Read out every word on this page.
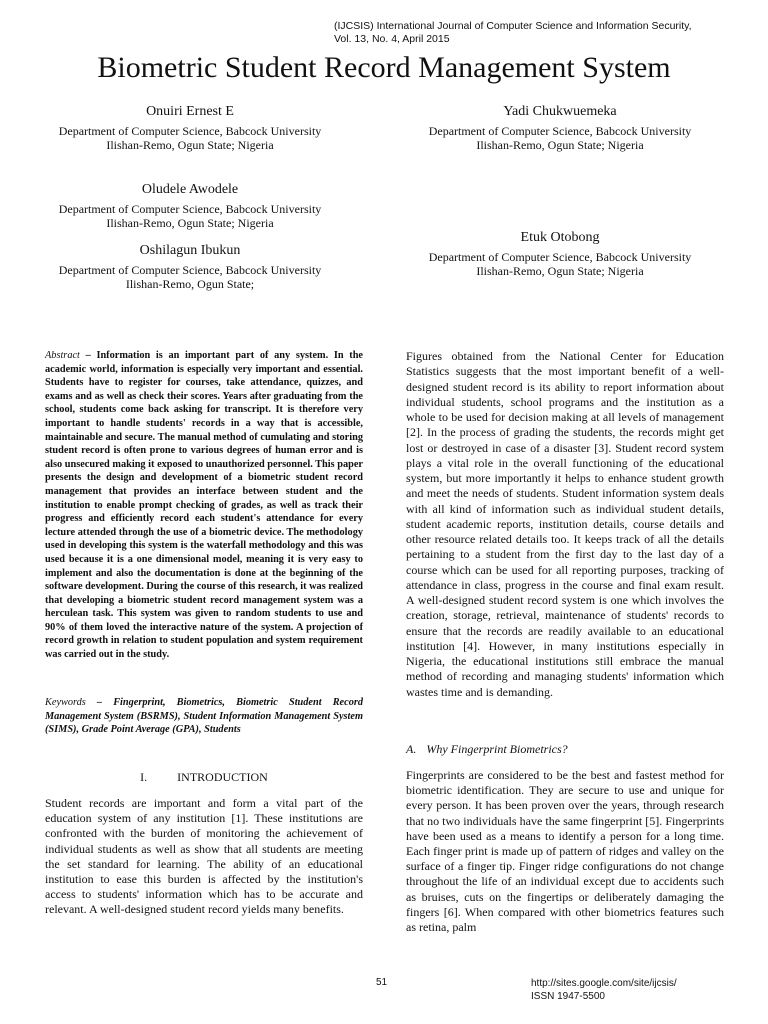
(IJCSIS) International Journal of Computer Science and Information Security,
Vol. 13, No. 4, April 2015
Biometric Student Record Management System
Onuiri Ernest E
Department of Computer Science, Babcock University
Ilishan-Remo, Ogun State; Nigeria
Yadi Chukwuemeka
Department of Computer Science, Babcock University
Ilishan-Remo, Ogun State; Nigeria
Oludele Awodele
Department of Computer Science, Babcock University
Ilishan-Remo, Ogun State; Nigeria
Oshilagun Ibukun
Department of Computer Science, Babcock University
Ilishan-Remo, Ogun State;
Etuk Otobong
Department of Computer Science, Babcock University
Ilishan-Remo, Ogun State; Nigeria
Abstract – Information is an important part of any system. In the academic world, information is especially very important and essential. Students have to register for courses, take attendance, quizzes, and exams and as well as check their scores. Years after graduating from the school, students come back asking for transcript. It is therefore very important to handle students' records in a way that is accessible, maintainable and secure. The manual method of cumulating and storing student record is often prone to various degrees of human error and is also unsecured making it exposed to unauthorized personnel. This paper presents the design and development of a biometric student record management that provides an interface between student and the institution to enable prompt checking of grades, as well as track their progress and efficiently record each student's attendance for every lecture attended through the use of a biometric device. The methodology used in developing this system is the waterfall methodology and this was used because it is a one dimensional model, meaning it is very easy to implement and also the documentation is done at the beginning of the software development. During the course of this research, it was realized that developing a biometric student record management system was a herculean task. This system was given to random students to use and 90% of them loved the interactive nature of the system. A projection of record growth in relation to student population and system requirement was carried out in the study.
Keywords – Fingerprint, Biometrics, Biometric Student Record Management System (BSRMS), Student Information Management System (SIMS), Grade Point Average (GPA), Students
I.	INTRODUCTION

Student records are important and form a vital part of the education system of any institution [1]. These institutions are confronted with the burden of monitoring the achievement of individual students as well as show that all students are meeting the set standard for learning. The ability of an educational institution to ease this burden is affected by the institution's access to students' information which has to be accurate and relevant. A well-designed student record yields many benefits.

Figures obtained from the National Center for Education Statistics suggests that the most important benefit of a well-designed student record is its ability to report information about individual students, school programs and the institution as a whole to be used for decision making at all levels of management [2]. In the process of grading the students, the records might get lost or destroyed in case of a disaster [3]. Student record system plays a vital role in the overall functioning of the educational system, but more importantly it helps to enhance student growth and meet the needs of students. Student information system deals with all kind of information such as individual student details, student academic reports, institution details, course details and other resource related details too. It keeps track of all the details pertaining to a student from the first day to the last day of a course which can be used for all reporting purposes, tracking of attendance in class, progress in the course and final exam result. A well-designed student record system is one which involves the creation, storage, retrieval, maintenance of students' records to ensure that the records are readily available to an educational institution [4]. However, in many institutions especially in Nigeria, the educational institutions still embrace the manual method of recording and managing students' information which wastes time and is demanding.

A. Why Fingerprint Biometrics?

Fingerprints are considered to be the best and fastest method for biometric identification. They are secure to use and unique for every person. It has been proven over the years, through research that no two individuals have the same fingerprint [5]. Fingerprints have been used as a means to identify a person for a long time. Each finger print is made up of pattern of ridges and valley on the surface of a finger tip. Finger ridge configurations do not change throughout the life of an individual except due to accidents such as bruises, cuts on the fingertips or deliberately damaging the fingers [6]. When compared with other biometrics features such as retina, palm

51	http://sites.google.com/site/ijcsis/
ISSN 1947-5500
